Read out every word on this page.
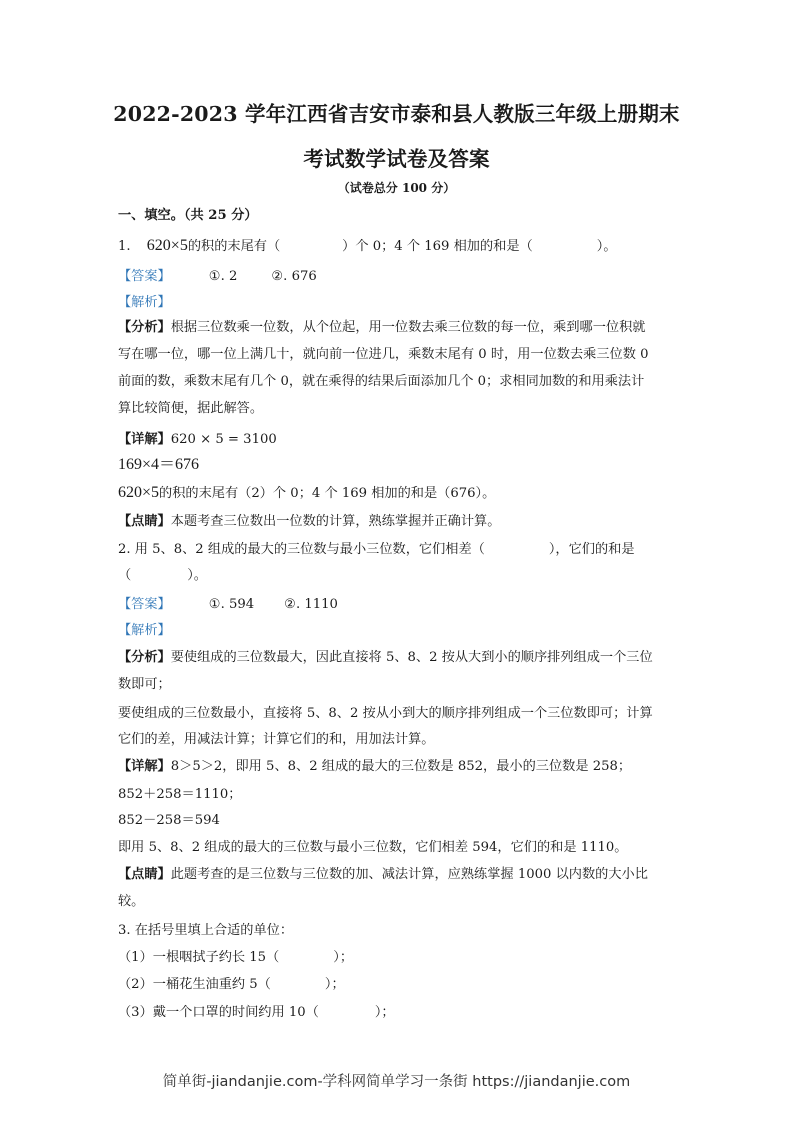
2022-2023 学年江西省吉安市泰和县人教版三年级上册期末
考试数学试卷及答案
（试卷总分 100 分）
一、填空。（共 25 分）
1. 620×5的积的末尾有（	）个 0；4 个 169 相加的和是（	）。
【答案】	①. 2	②. 676
【解析】
【分析】根据三位数乘一位数，从个位起，用一位数去乘三位数的每一位，乘到哪一位积就
写在哪一位，哪一位上满几十，就向前一位进几，乘数末尾有 0 时，用一位数去乘三位数 0
前面的数，乘数末尾有几个 0，就在乘得的结果后面添加几个 0；求相同加数的和用乘法计
算比较简便，据此解答。
【详解】620 × 5 = 3100
169×4＝676
620×5的积的末尾有（2）个 0；4 个 169 相加的和是（676）。
【点睛】本题考查三位数出一位数的计算，熟练掌握并正确计算。
2. 用 5、8、2 组成的最大的三位数与最小三位数，它们相差（	），它们的和是
（	）。
【答案】	①. 594 ②. 1110
【解析】
【分析】要使组成的三位数最大，因此直接将 5、8、2 按从大到小的顺序排列组成一个三位
数即可；
要使组成的三位数最小，直接将 5、8、2 按从小到大的顺序排列组成一个三位数即可；计算
它们的差，用减法计算；计算它们的和，用加法计算。
【详解】8＞5＞2，即用 5、8、2 组成的最大的三位数是 852，最小的三位数是 258；
852＋258＝1110；
852－258＝594
即用 5、8、2 组成的最大的三位数与最小三位数，它们相差 594，它们的和是 1110。
【点睛】此题考查的是三位数与三位数的加、减法计算，应熟练掌握 1000 以内数的大小比
较。
3. 在括号里填上合适的单位：
（1）一根咽拭子约长 15（	）；
（2）一桶花生油重约 5（	）；
（3）戴一个口罩的时间约用 10（	）；
简单街-jiandanjie.com-学科网简单学习一条街 https://jiandanjie.com
